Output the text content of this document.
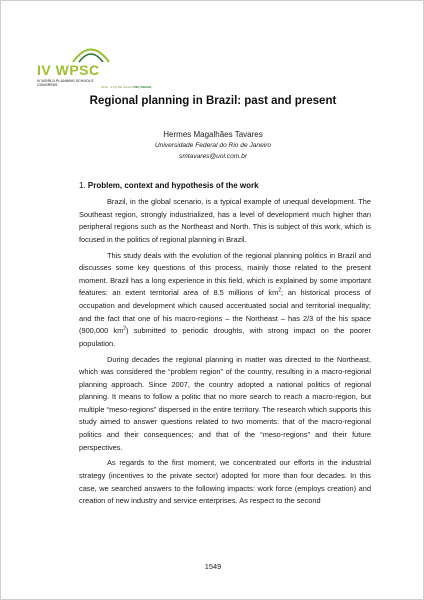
IV WPSC
IV WORLD PLANNING SCHOOLS CONGRESS	2016 · 4 A 8 DE JULHO RIO, BRASIL
Regional planning in Brazil: past and present
Hermes Magalhães Tavares
Universidade Federal do Rio de Janeiro
smtavares@uol.com.br
1. Problem, context and hypothesis of the work

Brazil, in the global scenario, is a typical example of unequal development. The Southeast region, strongly industrialized, has a level of development much higher than peripheral regions such as the Northeast and North. This is subject of this work, which is focused in the politics of regional planning in Brazil.

This study deals with the evolution of the regional planning politics in Brazil and discusses some key questions of this process, mainly those related to the present moment. Brazil has a long experience in this field, which is explained by some important features: an extent territorial area of 8.5 millions of $km^2$; an historical process of occupation and development which caused accentuated social and territorial inequality; and the fact that one of his macro-regions – the Northeast – has 2/3 of the his space (900,000 $km^2$) submitted to periodic droughts, with strong impact on the poorer population.

During decades the regional planning in matter was directed to the Northeast, which was considered the “problem region” of the country, resulting in a macro-regional planning approach. Since 2007, the country adopted a national politics of regional planning. It means to follow a politic that no more search to reach a macro-region, but multiple “meso-regions” dispersed in the entire territory. The research which supports this study aimed to answer questions related to two moments: that of the macro-regional politics and their consequences; and that of the “meso-regions” and their future perspectives.

As regards to the first moment, we concentrated our efforts in the industrial strategy (incentives to the private sector) adopted for more than four decades. In this case, we searched answers to the following impacts: work force (employs creation) and creation of new industry and service enterprises. As respect to the second

1549
